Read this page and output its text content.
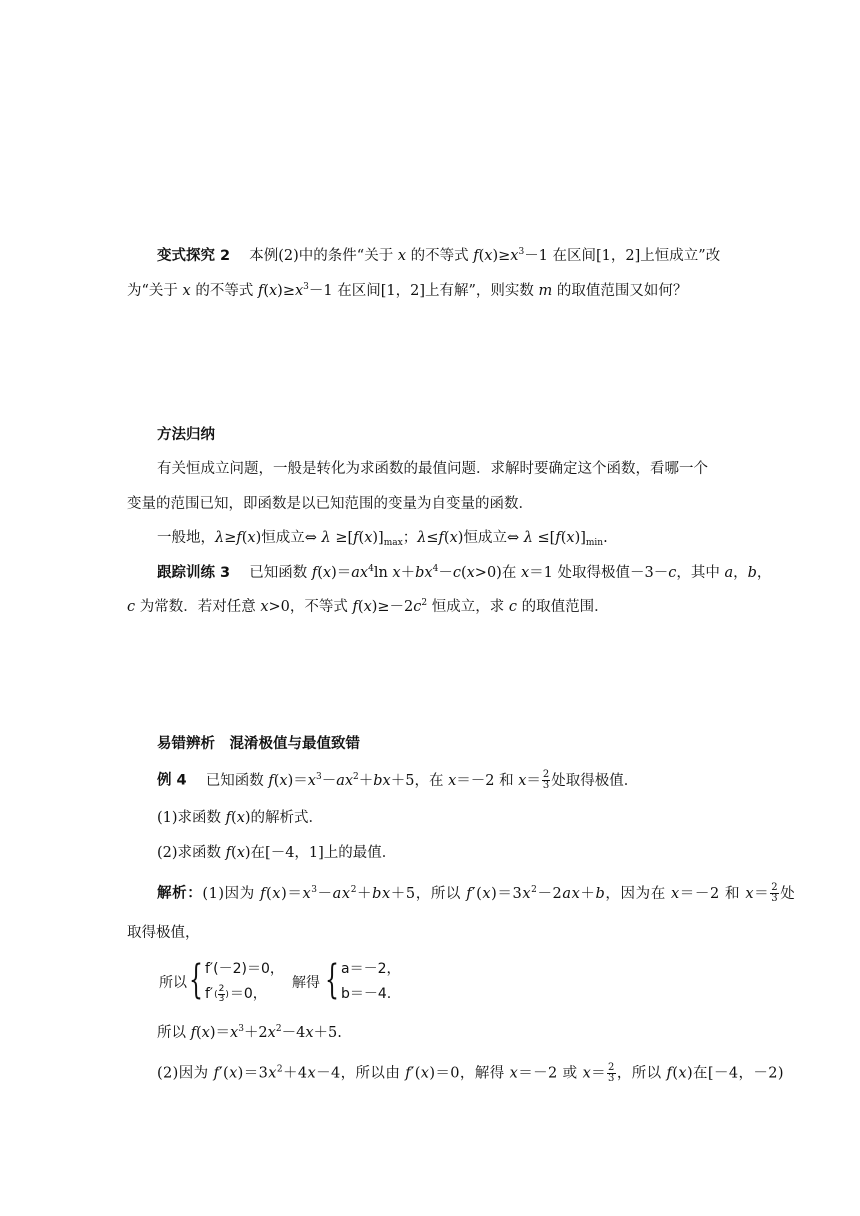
变式探究 2 　本例(2)中的条件“关于 x 的不等式 $f(x)\ge x^3-1$ 在区间[1，2]上恒成立”改
为“关于 x 的不等式 $f(x)\ge x^3-1$ 在区间[1，2]上有解”，则实数 m 的取值范围又如何？
方法归纳
有关恒成立问题，一般是转化为求函数的最值问题．求解时要确定这个函数，看哪一个
变量的范围已知，即函数是以已知范围的变量为自变量的函数．
一般地，λ≥f(x)恒成立⇔ $\lambda \ge[f(x)]_{max}$；λ≤f(x)恒成立⇔ $\lambda \le[f(x)]_{min}$.
跟踪训练 3 　已知函数 $f(x)=ax^4\ln$ $x+bx^4-c(x>0)$在 x＝1 处取得极值－3－c，其中 a，b，
c 为常数．若对任意 x>0，不等式 $f(x)\ge-2c^2$ 恒成立，求 c 的取值范围．
易错辨析　混淆极值与最值致错
例 4 　已知函数 $f(x)=x^3-ax^2+bx+5$，在 x＝－2 和 $x= \frac{2}{3}$ 处取得极值．
(1)求函数 f(x)的解析式．
(2)求函数 f(x)在[－4，1]上的最值．
解析：(1)因为 $f(x)=x^3-ax^2+bx+5$，所以 $f'(x)=3x^2-2ax+b$，因为在 x＝－2 和 $x= \frac{2}{3}$ 处
取得极值，
所以 { f′(－2)＝0，
$f'( \frac{2}{3} )=0$，
解得 { a＝－2，
b＝－4.
所以 $f(x)=x^3+2x^2-4x+5$.
(2)因为 $f'(x)=3x^2+4x-4$，所以由 f′(x)＝0，解得 x＝－2 或 $x= \frac{2}{3}$ ，所以 f(x)在[－4，－2)
